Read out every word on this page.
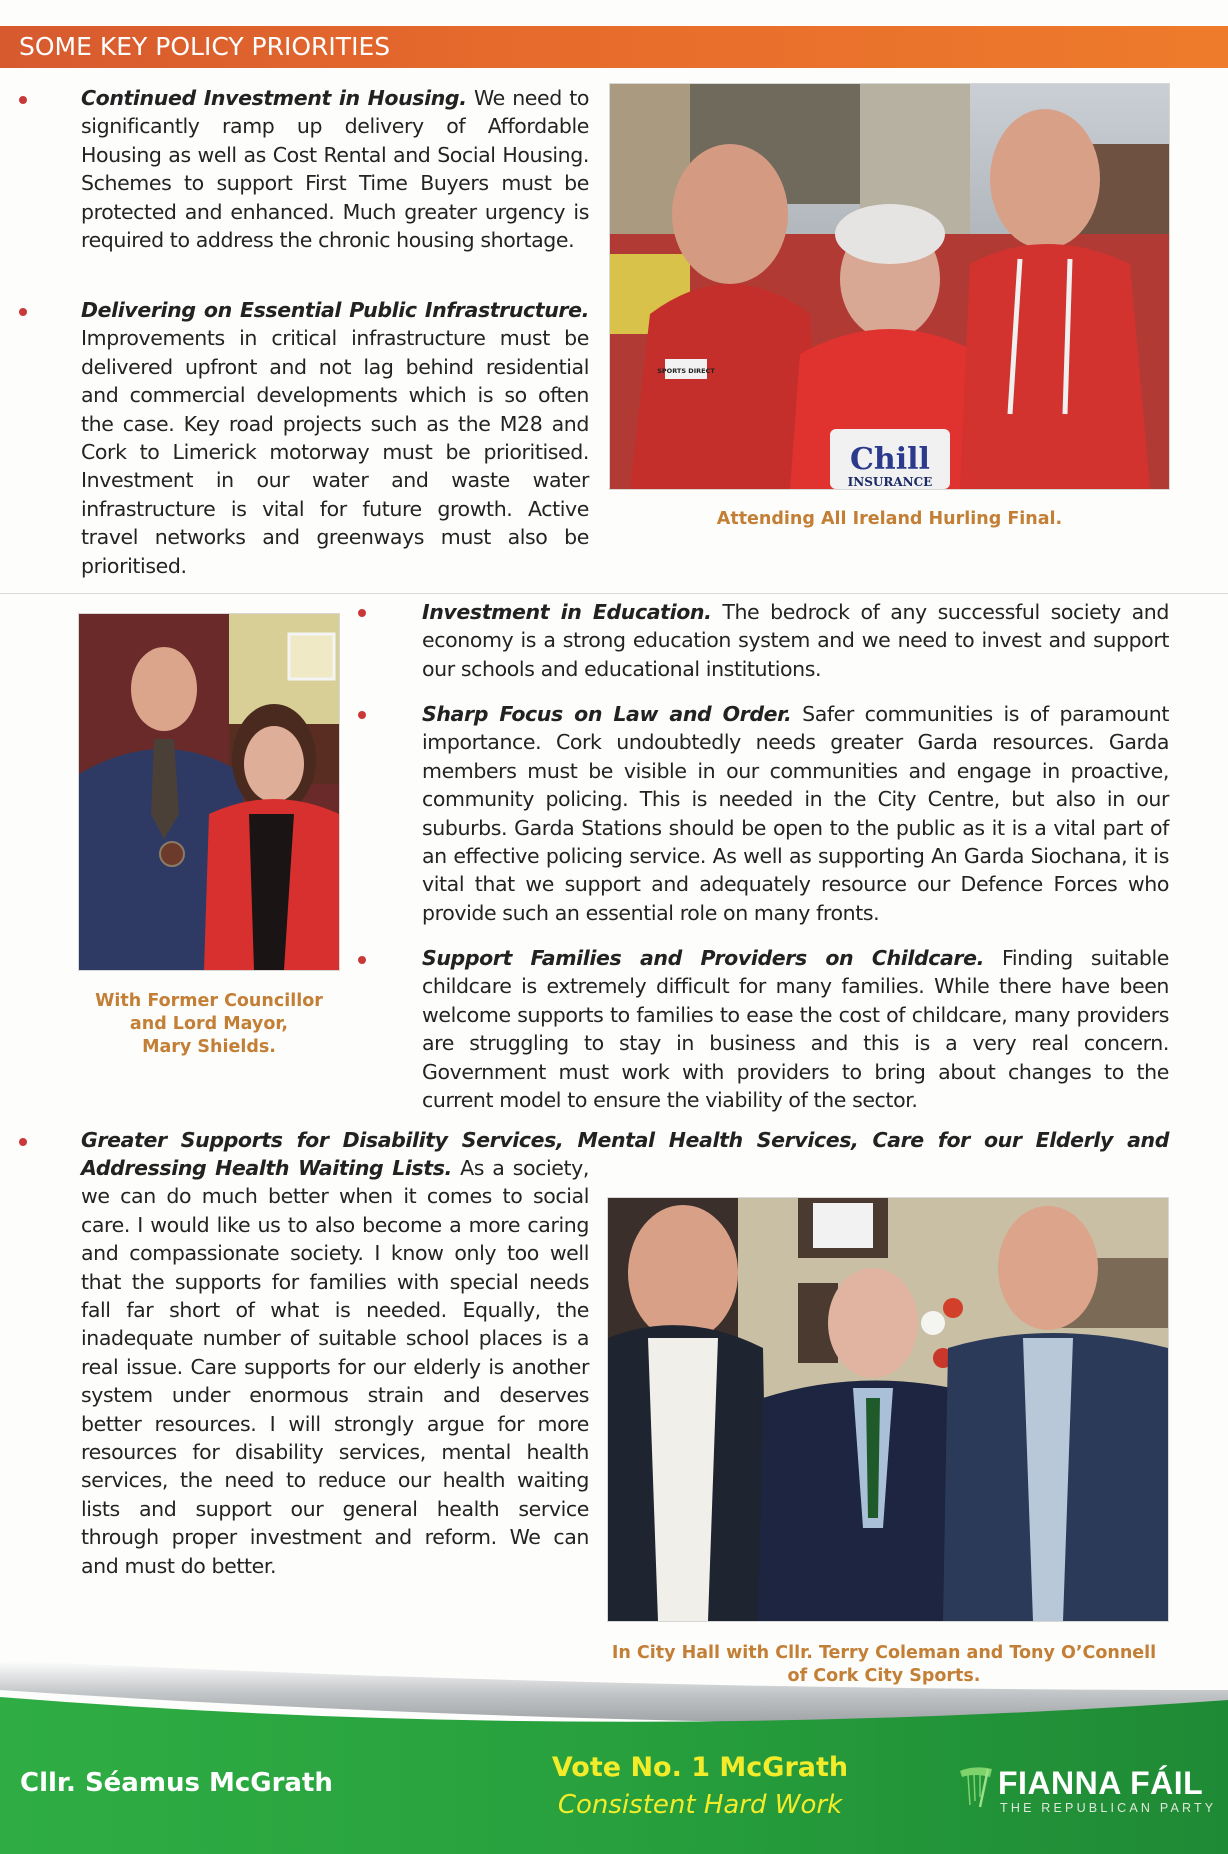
SOME KEY POLICY PRIORITIES
Continued Investment in Housing. We need to significantly ramp up delivery of Affordable Housing as well as Cost Rental and Social Housing. Schemes to support First Time Buyers must be protected and enhanced. Much greater urgency is required to address the chronic housing shortage.
Delivering on Essential Public Infrastructure. Improvements in critical infrastructure must be delivered upfront and not lag behind residential and commercial developments which is so often the case. Key road projects such as the M28 and Cork to Limerick motorway must be prioritised. Investment in our water and waste water infrastructure is vital for future growth. Active travel networks and greenways must also be prioritised.
Chill
INSURANCE
SPORTS DIRECT
Attending All Ireland Hurling Final.
With Former Councillor
and Lord Mayor,
Mary Shields.
Investment in Education. The bedrock of any successful society and economy is a strong education system and we need to invest and support our schools and educational institutions.
Sharp Focus on Law and Order. Safer communities is of paramount importance. Cork undoubtedly needs greater Garda resources. Garda members must be visible in our communities and engage in proactive, community policing. This is needed in the City Centre, but also in our suburbs. Garda Stations should be open to the public as it is a vital part of an effective policing service. As well as supporting An Garda Siochana, it is vital that we support and adequately resource our Defence Forces who provide such an essential role on many fronts.
Support Families and Providers on Childcare. Finding suitable childcare is extremely difficult for many families. While there have been welcome supports to families to ease the cost of childcare, many providers are struggling to stay in business and this is a very real concern. Government must work with providers to bring about changes to the current model to ensure the viability of the sector.
Greater Supports for Disability Services, Mental Health Services, Care for our Elderly and
Addressing Health Waiting Lists. As a society, we can do much better when it comes to social care. I would like us to also become a more caring and compassionate society. I know only too well that the supports for families with special needs fall far short of what is needed. Equally, the inadequate number of suitable school places is a real issue. Care supports for our elderly is another system under enormous strain and deserves better resources. I will strongly argue for more resources for disability services, mental health services, the need to reduce our health waiting lists and support our general health service through proper investment and reform. We can and must do better.
In City Hall with Cllr. Terry Coleman and Tony O’Connell
of Cork City Sports.
Cllr. Séamus McGrath	Vote No. 1 McGrath
Consistent Hard Work
FIANNA FÁIL
THE REPUBLICAN PARTY
